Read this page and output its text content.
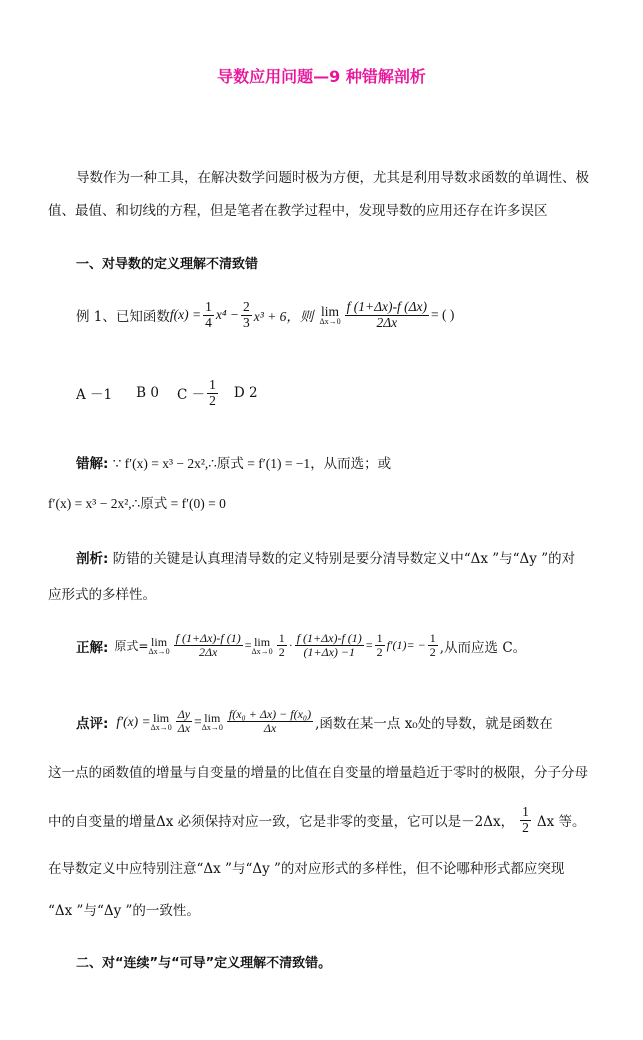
导数应用问题—9 种错解剖析
导数作为一种工具，在解决数学问题时极为方便，尤其是利用导数求函数的单调性、极
值、最值、和切线的方程，但是笔者在教学过程中，发现导数的应用还存在许多误区
一、对导数的定义理解不清致错
例 1、已知函数 $f(x) = \frac{1}{4} x^4 - \frac{2}{3} x^3 + 6$，则 lim
$\Delta x\to 0 \frac{f (1+\Delta x)-f (\Delta x)}{2\Delta x}$ = ( )
A －1 B 0 $C - \frac{1}{2}$ D 2
错解: ∵ f′(x) = x³ − 2x²,∴原式 = f′(1) = −1，从而选；或
f′(x) = x³ − 2x²,∴原式 = f′(0) = 0
剖析: 防错的关键是认真理清导数的定义特别是要分清导数定义中“Δx ”与“Δy ”的对
应形式的多样性。
正解: 原式= lim
$\Delta x\to 0 \frac{f (1+\Delta x)-f (1)}{2\Delta x} = \lim$
$\Delta x\to 0 \frac{1}{2} \cdot \frac{f (1+\Delta x)-f (1)}{(1+\Delta x) -1} = \frac{1}{2} f'(1)= - \frac{1}{2}$ ,从而应选 C。
点评: f′(x) = lim
$\Delta x\to 0 \frac{\Delta y}{\Delta x} = \lim$
$\Delta x\to 0 \frac{\text{f(x₀ + Δx) − f(x₀)}}{\Delta x}$ ,函数在某一点 x₀处的导数，就是函数在
这一点的函数值的增量与自变量的增量的比值在自变量的增量趋近于零时的极限，分子分母
中的自变量的增量Δx 必须保持对应一致，它是非零的变量，它可以是－2Δx， $\frac{1}{2}$ Δx 等。
在导数定义中应特别注意“Δx ”与“Δy ”的对应形式的多样性，但不论哪种形式都应突现
“Δx ”与“Δy ”的一致性。
二、对“连续”与“可导”定义理解不清致错。
